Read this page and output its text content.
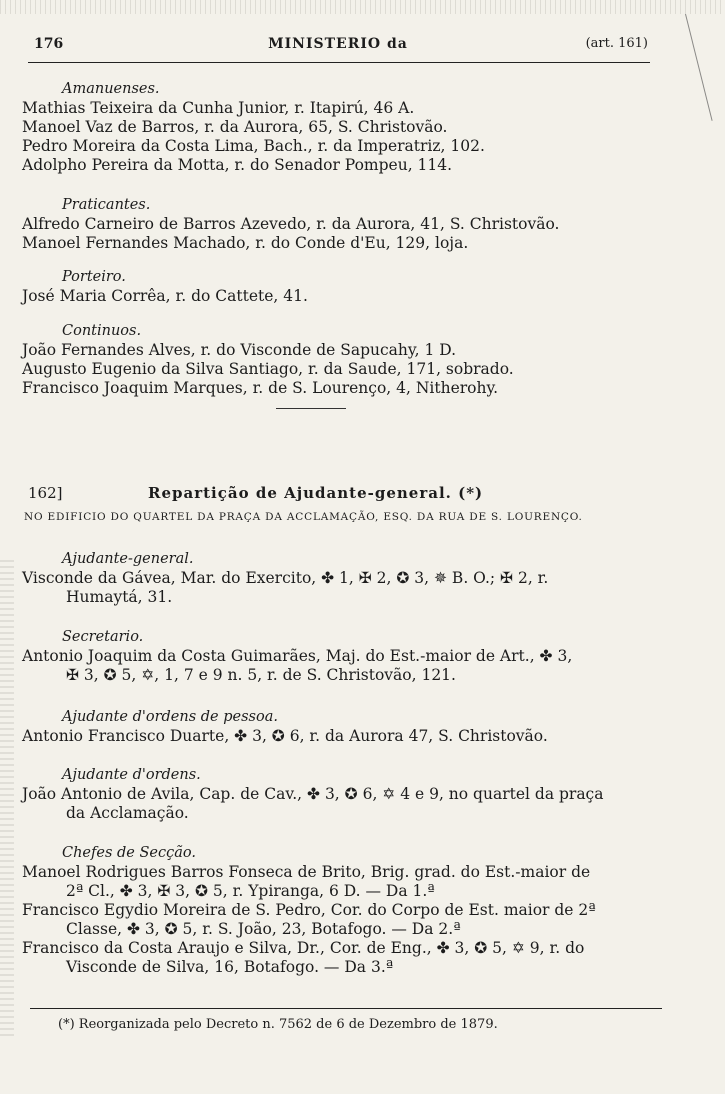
176	MINISTERIO da	(art. 161)
Amanuenses.
Mathias Teixeira da Cunha Junior, r. Itapirú, 46 A.
Manoel Vaz de Barros, r. da Aurora, 65, S. Christovão.
Pedro Moreira da Costa Lima, Bach., r. da Imperatriz, 102.
Adolpho Pereira da Motta, r. do Senador Pompeu, 114.
Praticantes.
Alfredo Carneiro de Barros Azevedo, r. da Aurora, 41, S. Christovão.
Manoel Fernandes Machado, r. do Conde d'Eu, 129, loja.
Porteiro.
José Maria Corrêa, r. do Cattete, 41.
Continuos.
João Fernandes Alves, r. do Visconde de Sapucahy, 1 D.
Augusto Eugenio da Silva Santiago, r. da Saude, 171, sobrado.
Francisco Joaquim Marques, r. de S. Lourenço, 4, Nitherohy.
162]	Repartição de Ajudante-general. (*)
NO EDIFICIO DO QUARTEL DA PRAÇA DA ACCLAMAÇÃO, ESQ. DA RUA DE S. LOURENÇO.
Ajudante-general.
Visconde da Gávea, Mar. do Exercito, ✤ 1, ✠ 2, ✪ 3, ✵ B. O.; ✠ 2, r.
Humaytá, 31.
Secretario.
Antonio Joaquim da Costa Guimarães, Maj. do Est.-maior de Art., ✤ 3,
✠ 3, ✪ 5, ✡, 1, 7 e 9 n. 5, r. de S. Christovão, 121.
Ajudante d'ordens de pessoa.
Antonio Francisco Duarte, ✤ 3, ✪ 6, r. da Aurora 47, S. Christovão.
Ajudante d'ordens.
João Antonio de Avila, Cap. de Cav., ✤ 3, ✪ 6, ✡ 4 e 9, no quartel da praça
da Acclamação.
Chefes de Secção.
Manoel Rodrigues Barros Fonseca de Brito, Brig. grad. do Est.-maior de
2ª Cl., ✤ 3, ✠ 3, ✪ 5, r. Ypiranga, 6 D. — Da 1.ª
Francisco Egydio Moreira de S. Pedro, Cor. do Corpo de Est. maior de 2ª
Classe, ✤ 3, ✪ 5, r. S. João, 23, Botafogo. — Da 2.ª
Francisco da Costa Araujo e Silva, Dr., Cor. de Eng., ✤ 3, ✪ 5, ✡ 9, r. do
Visconde de Silva, 16, Botafogo. — Da 3.ª
(*) Reorganizada pelo Decreto n. 7562 de 6 de Dezembro de 1879.
